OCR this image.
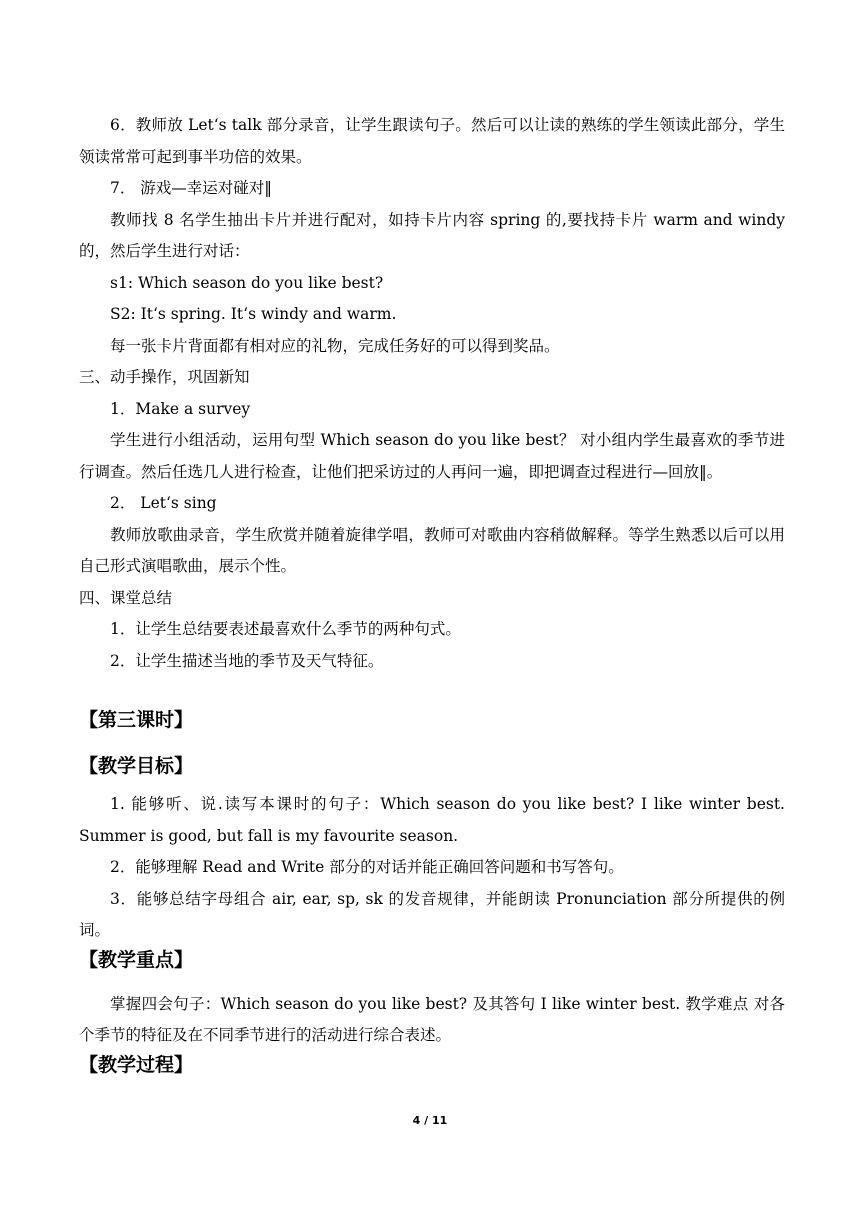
6．教师放 Let‘s talk 部分录音，让学生跟读句子。然后可以让读的熟练的学生领读此部分，学生领读常常可起到事半功倍的效果。

7． 游戏—幸运对碰对‖

教师找 8 名学生抽出卡片并进行配对，如持卡片内容 spring 的,要找持卡片 warm and windy 的，然后学生进行对话：

s1: Which season do you like best?

S2: It‘s spring. It‘s windy and warm.

每一张卡片背面都有相对应的礼物，完成任务好的可以得到奖品。

三、动手操作，巩固新知

1．Make a survey

学生进行小组活动，运用句型 Which season do you like best？ 对小组内学生最喜欢的季节进行调查。然后任选几人进行检查，让他们把采访过的人再问一遍，即把调查过程进行—回放‖。

2． Let‘s sing

教师放歌曲录音，学生欣赏并随着旋律学唱，教师可对歌曲内容稍做解释。等学生熟悉以后可以用自己形式演唱歌曲，展示个性。

四、课堂总结

1．让学生总结要表述最喜欢什么季节的两种句式。

2．让学生描述当地的季节及天气特征。

【第三课时】

【教学目标】

1. 能够听、说.读写本课时的句子：Which season do you like best? I like winter best. Summer is good, but fall is my favourite season.

2．能够理解 Read and Write 部分的对话并能正确回答问题和书写答句。

3．能够总结字母组合 air, ear, sp, sk 的发音规律，并能朗读 Pronunciation 部分所提供的例词。

【教学重点】

掌握四会句子：Which season do you like best? 及其答句 I like winter best. 教学难点 对各个季节的特征及在不同季节进行的活动进行综合表述。

【教学过程】

4 / 11
